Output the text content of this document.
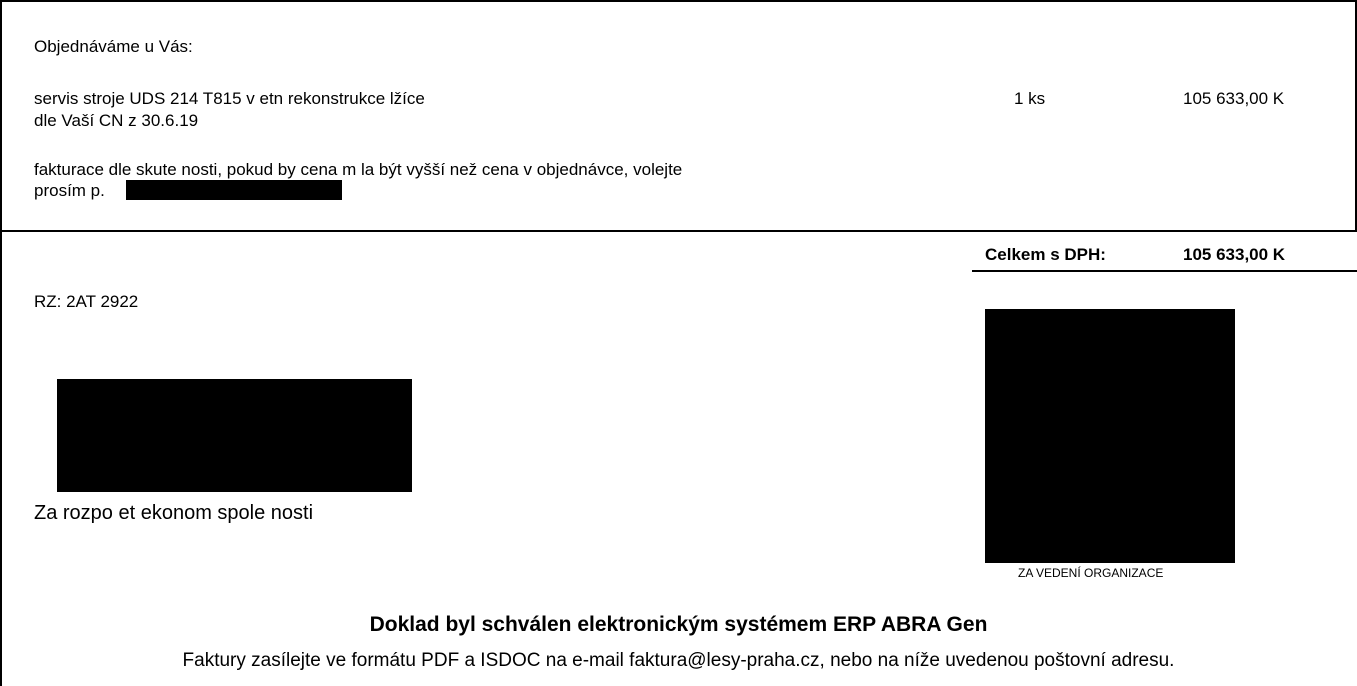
Objednáváme u Vás:
servis stroje UDS 214 T815 v etn rekonstrukce lžíce
dle Vaší CN z 30.6.19
1 ks	105 633,00 K
fakturace dle skute nosti, pokud by cena m la být vyšší než cena v objednávce, volejte
prosím p.
Celkem s DPH:	105 633,00 K
RZ: 2AT 2922
Za rozpo et ekonom spole nosti
ZA VEDENÍ ORGANIZACE
Doklad byl schválen elektronickým systémem ERP ABRA Gen
Faktury zasílejte ve formátu PDF a ISDOC na e-mail faktura@lesy-praha.cz, nebo na níže uvedenou poštovní adresu.
